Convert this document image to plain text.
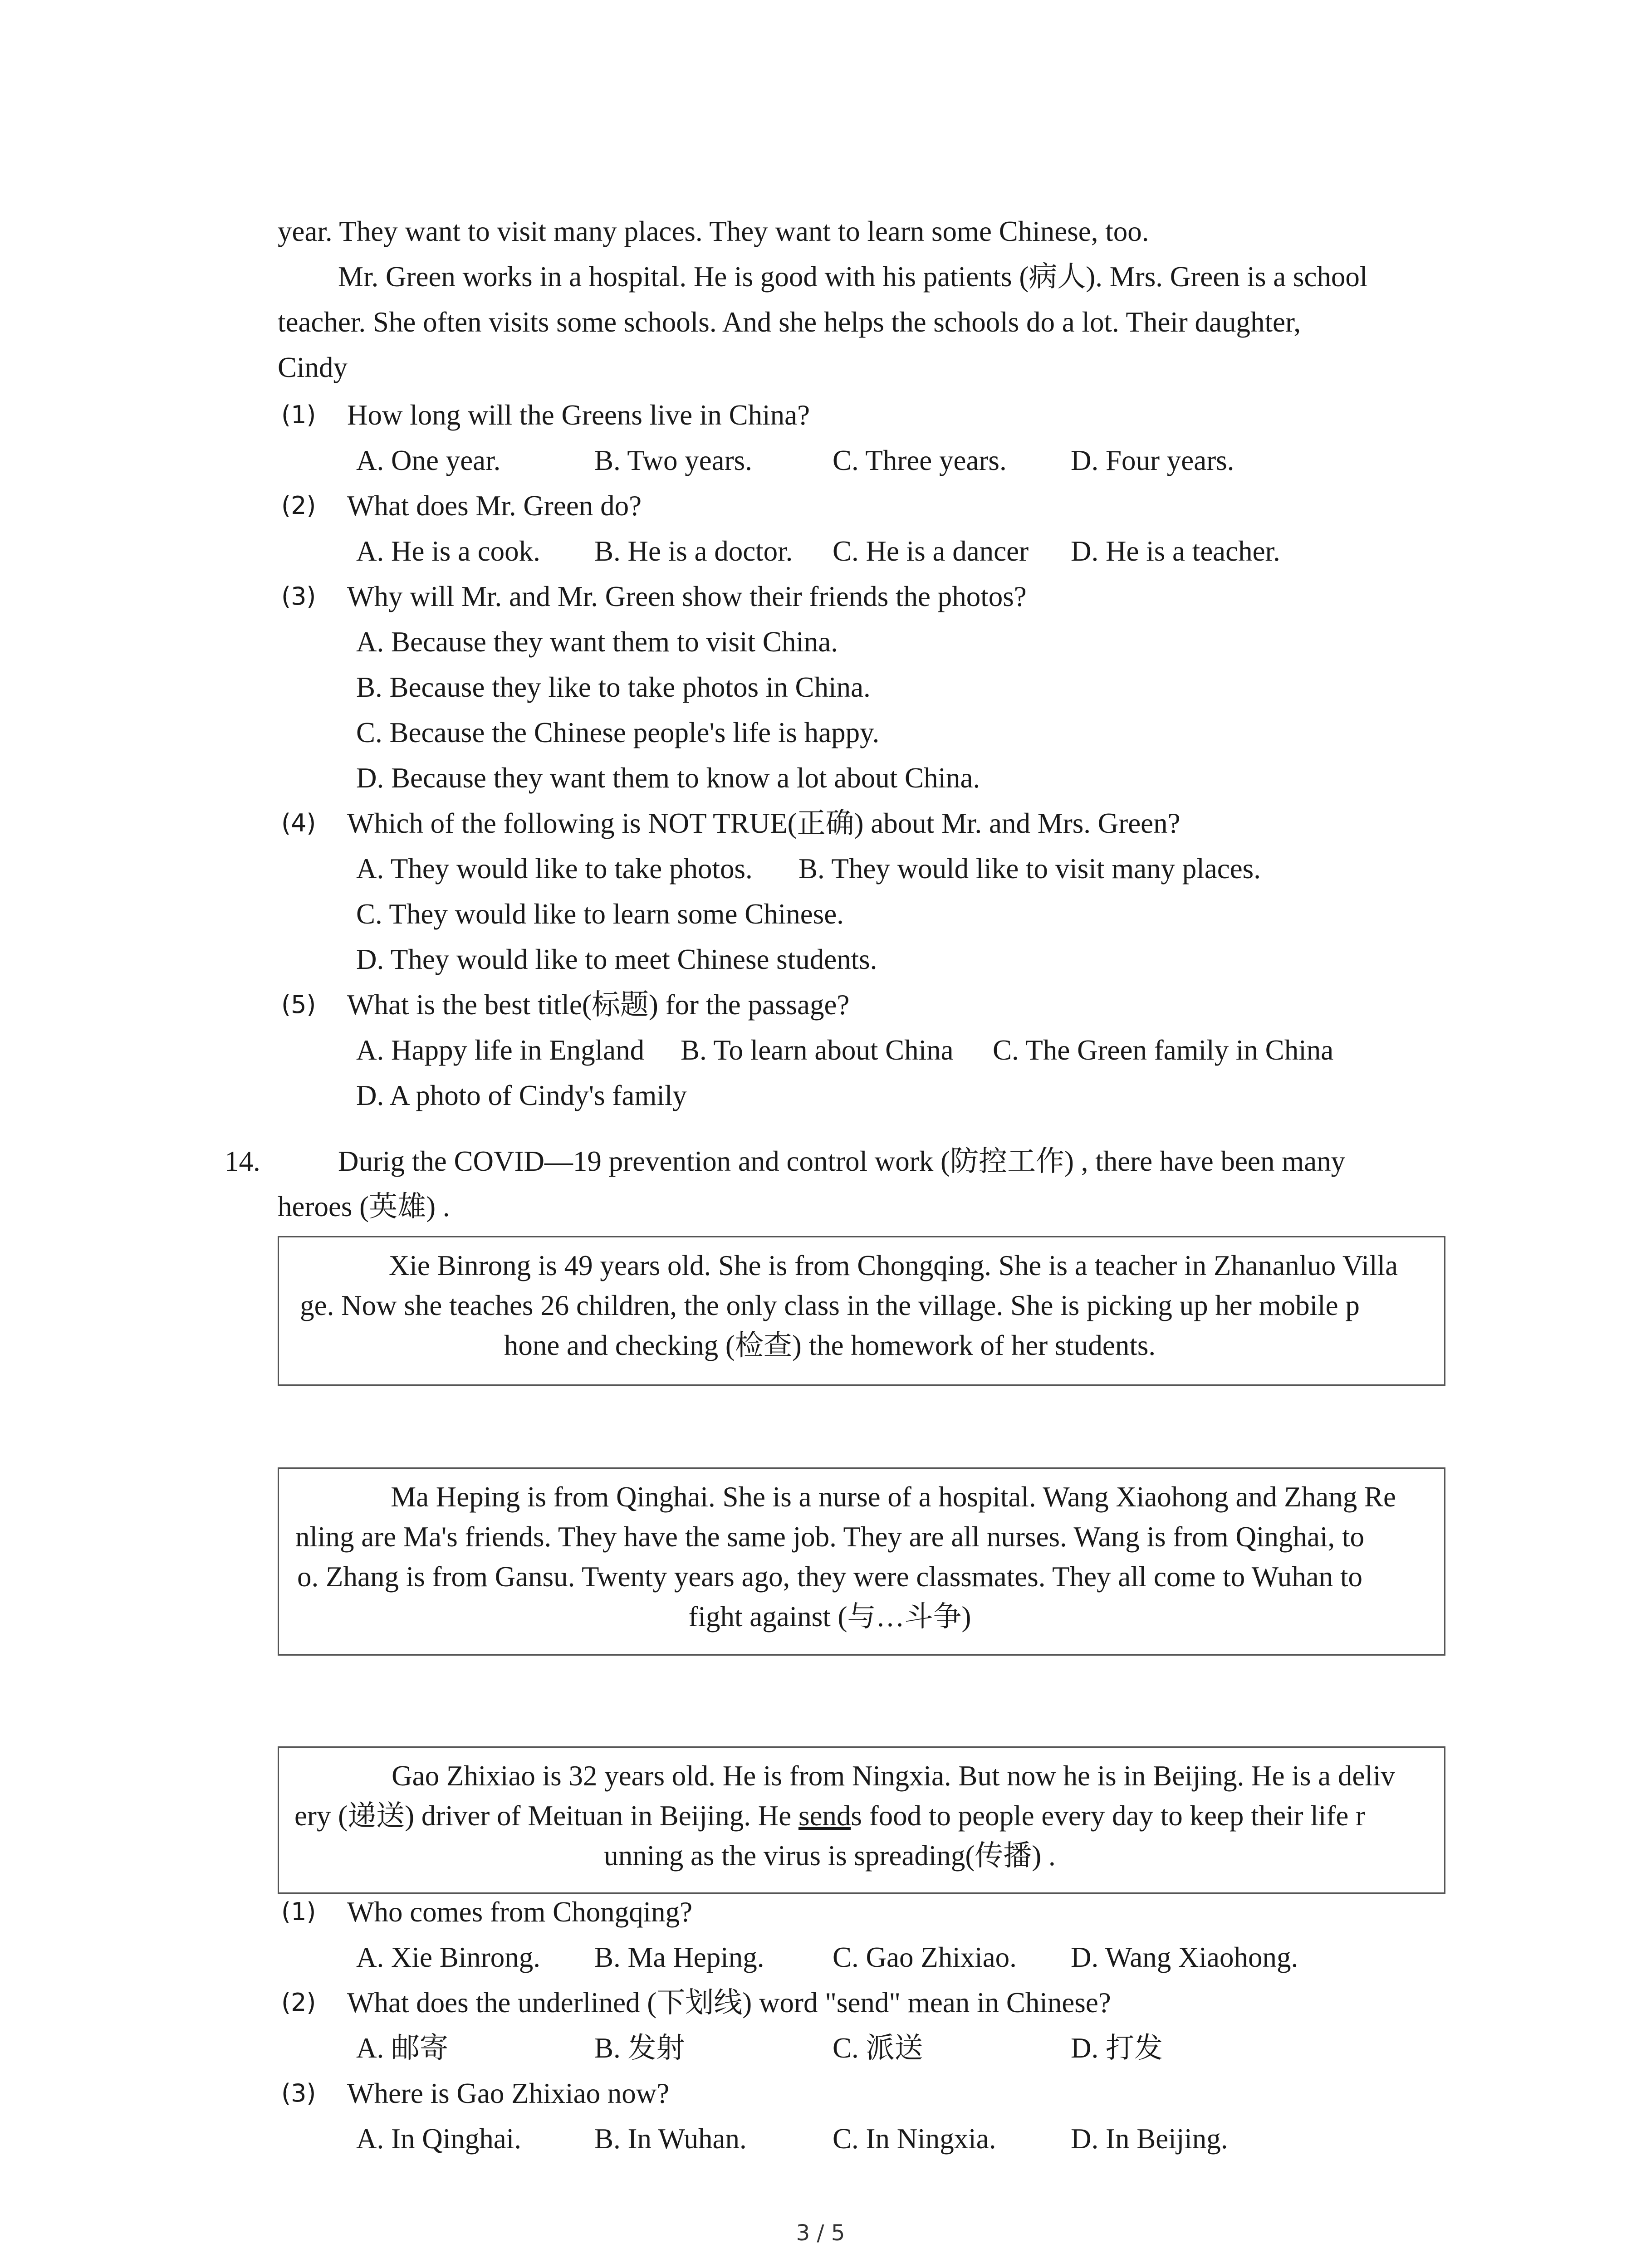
year. They want to visit many places. They want to learn some Chinese, too.
Mr. Green works in a hospital. He is good with his patients (病人). Mrs. Green is a school
teacher. She often visits some schools. And she helps the schools do a lot. Their daughter,
Cindy
(1) How long will the Greens live in China?
A. One year.	B. Two years.	C. Three years. D. Four years.
(2) What does Mr. Green do?
A. He is a cook. B. He is a doctor. C. He is a dancer D. He is a teacher.
(3) Why will Mr. and Mr. Green show their friends the photos?
A. Because they want them to visit China.
B. Because they like to take photos in China.
C. Because the Chinese people's life is happy.
D. Because they want them to know a lot about China.
(4) Which of the following is NOT TRUE(正确) about Mr. and Mrs. Green?
A. They would like to take photos. B. They would like to visit many places.
C. They would like to learn some Chinese.
D. They would like to meet Chinese students.
(5) What is the best title(标题) for the passage?
A. Happy life in England B. To learn about China C. The Green family in China
D. A photo of Cindy's family
14.	Durig the COVID—19 prevention and control work (防控工作) , there have been many
heroes (英雄) .

Xie Binrong is 49 years old. She is from Chongqing. She is a teacher in Zhananluo Villa
ge. Now she teaches 26 children, the only class in the village. She is picking up her mobile p
hone and checking (检查) the homework of her students.

Ma Heping is from Qinghai. She is a nurse of a hospital. Wang Xiaohong and Zhang Re
nling are Ma's friends. They have the same job. They are all nurses. Wang is from Qinghai, to
o. Zhang is from Gansu. Twenty years ago, they were classmates. They all come to Wuhan to
fight against (与…斗争)

Gao Zhixiao is 32 years old. He is from Ningxia. But now he is in Beijing. He is a deliv
ery (递送) driver of Meituan in Beijing. He sends food to people every day to keep their life r
unning as the virus is spreading(传播) .

(1) Who comes from Chongqing?
A. Xie Binrong. B. Ma Heping. C. Gao Zhixiao. D. Wang Xiaohong.
(2) What does the underlined (下划线) word "send" mean in Chinese?
A. 邮寄	B. 发射	C. 派送	D. 打发
(3) Where is Gao Zhixiao now?
A. In Qinghai.	B. In Wuhan.	C. In Ningxia.	D. In Beijing.
3 / 5
